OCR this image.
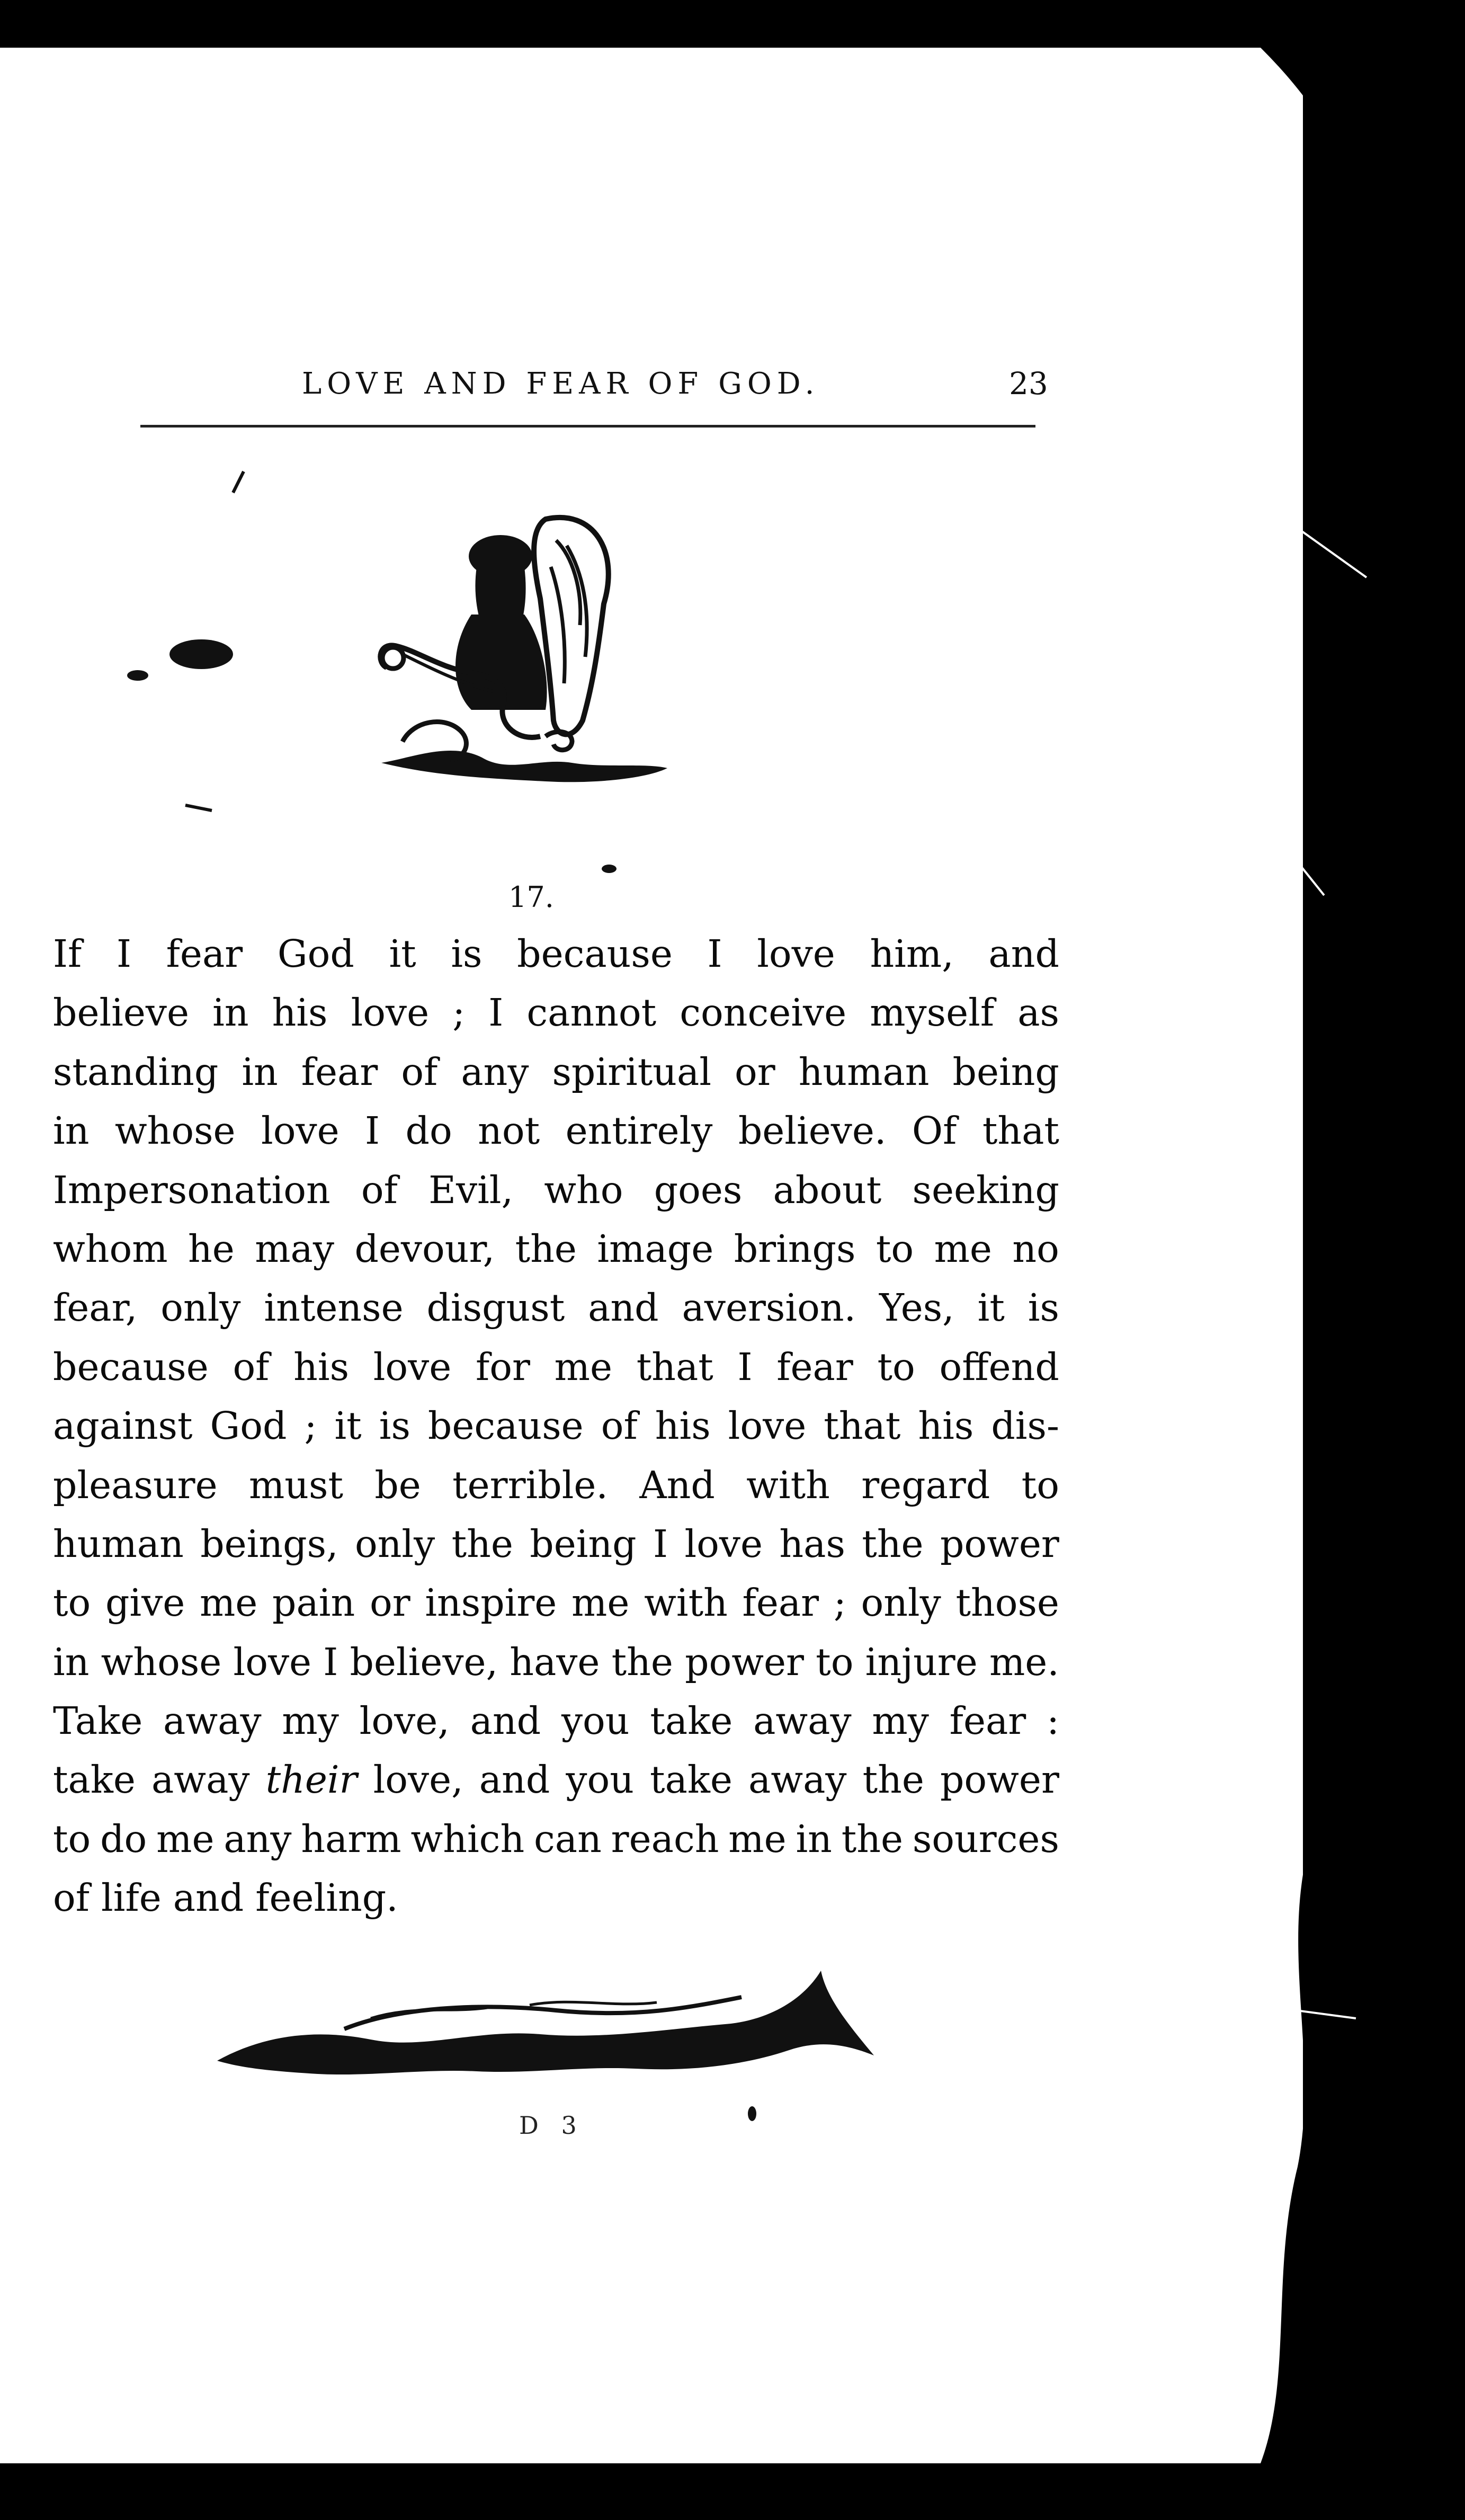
LOVE AND FEAR OF GOD.	23
17.
If I fear God it is because I love him, and
believe in his love ; I cannot conceive myself as
standing in fear of any spiritual or human being
in whose love I do not entirely believe. Of that
Impersonation of Evil, who goes about seeking
whom he may devour, the image brings to me no
fear, only intense disgust and aversion. Yes, it is
because of his love for me that I fear to offend
against God ; it is because of his love that his dis-
pleasure must be terrible. And with regard to
human beings, only the being I love has the power
to give me pain or inspire me with fear ; only those
in whose love I believe, have the power to injure me.
Take away my love, and you take away my fear :
take away their love, and you take away the power
to do me any harm which can reach me in the sources
of life and feeling.
D 3
